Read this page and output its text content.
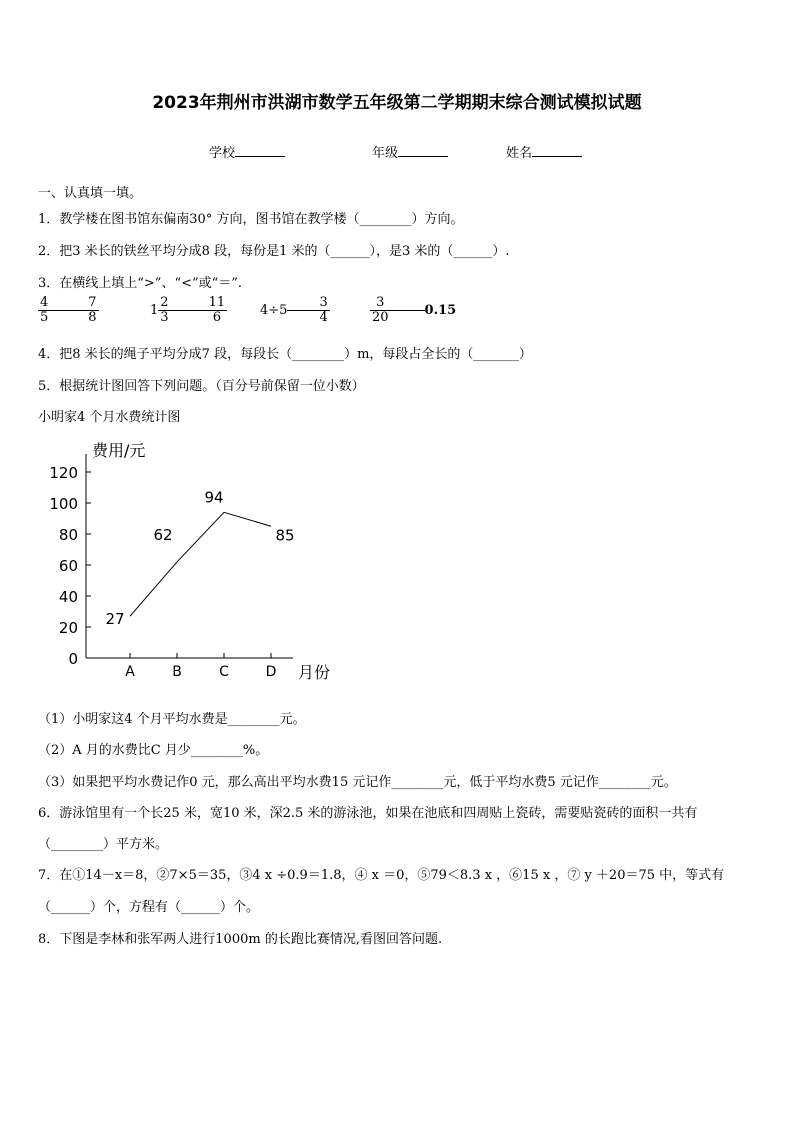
2023年荆州市洪湖市数学五年级第二学期期末综合测试模拟试题
学校	年级	姓名
一、认真填一填。
1．教学楼在图书馆东偏南30° 方向，图书馆在教学楼（________）方向。
2．把3 米长的铁丝平均分成8 段，每份是1 米的（______），是3 米的（______）.
3．在横线上填上“>”、“<”或“＝”.
$\frac{4}{5}$	$\frac{7}{8}$	$1 \frac{2}{3}$	$\frac{11}{6}$	$4\div 5 \frac{3}{4}$	$\frac{3}{20}$	0.15
4．把8 米长的绳子平均分成7 段，每段长（________）m，每段占全长的（_______）
5．根据统计图回答下列问题。（百分号前保留一位小数）
小明家4 个月水费统计图
0
20
40
60
80
100
120
A	B	C	D
费用/元
月份
27
62
94
85
（1）小明家这4 个月平均水费是________元。
（2）A 月的水费比C 月少________%。
（3）如果把平均水费记作0 元，那么高出平均水费15 元记作________元，低于平均水费5 元记作________元。
6．游泳馆里有一个长25 米，宽10 米，深2.5 米的游泳池，如果在池底和四周贴上瓷砖，需要贴瓷砖的面积一共有
（________）平方米。
7．在①14－x＝8，②7×5＝35，③4 x ÷0.9＝1.8，④ x ＝0，⑤79＜8.3 x ，⑥15 x ，⑦ y ＋20＝75 中，等式有
（______）个，方程有（______）个。
8．下图是李林和张军两人进行1000m 的长跑比赛情况,看图回答问题.
